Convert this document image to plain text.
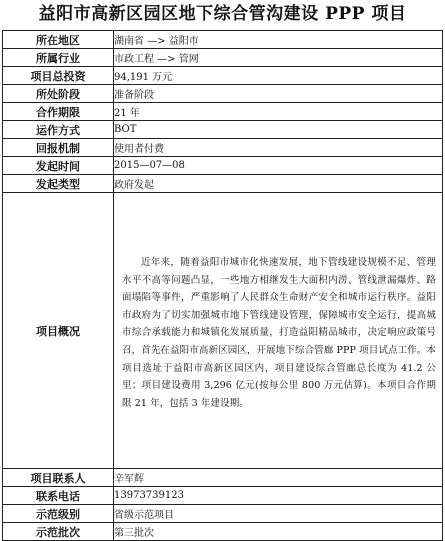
益阳市高新区园区地下综合管沟建设 PPP 项目
所在地区	湖南省 —> 益阳市
所属行业	市政工程 —> 管网
项目总投资	94,191 万元
所处阶段	准备阶段
合作期限	21 年
运作方式	BOT
回报机制	使用者付费
发起时间	2015—07—08
发起类型	政府发起
项目概况	近年来，随着益阳市城市化快速发展，地下管线建设规模不足、管理水平不高等问题凸显，一些地方相继发生大面积内涝、管线泄漏爆炸、路面塌陷等事件，严重影响了人民群众生命财产安全和城市运行秩序。益阳市政府为了切实加强城市地下管线建设管理，保障城市安全运行，提高城市综合承载能力和城镇化发展质量，打造益阳精品城市，决定响应政策号召，首先在益阳市高新区园区，开展地下综合管廊 PPP 项目试点工作。本项目选址于益阳市高新区园区内，项目建设综合管廊总长度为 41.2 公里；项目建设费用 3,296 亿元(按每公里 800 万元估算)。本项目合作期限 21 年，包括 3 年建设期。

项目联系人	辛军辉
联系电话	13973739123
示范级别	省级示范项目
示范批次	第三批次
